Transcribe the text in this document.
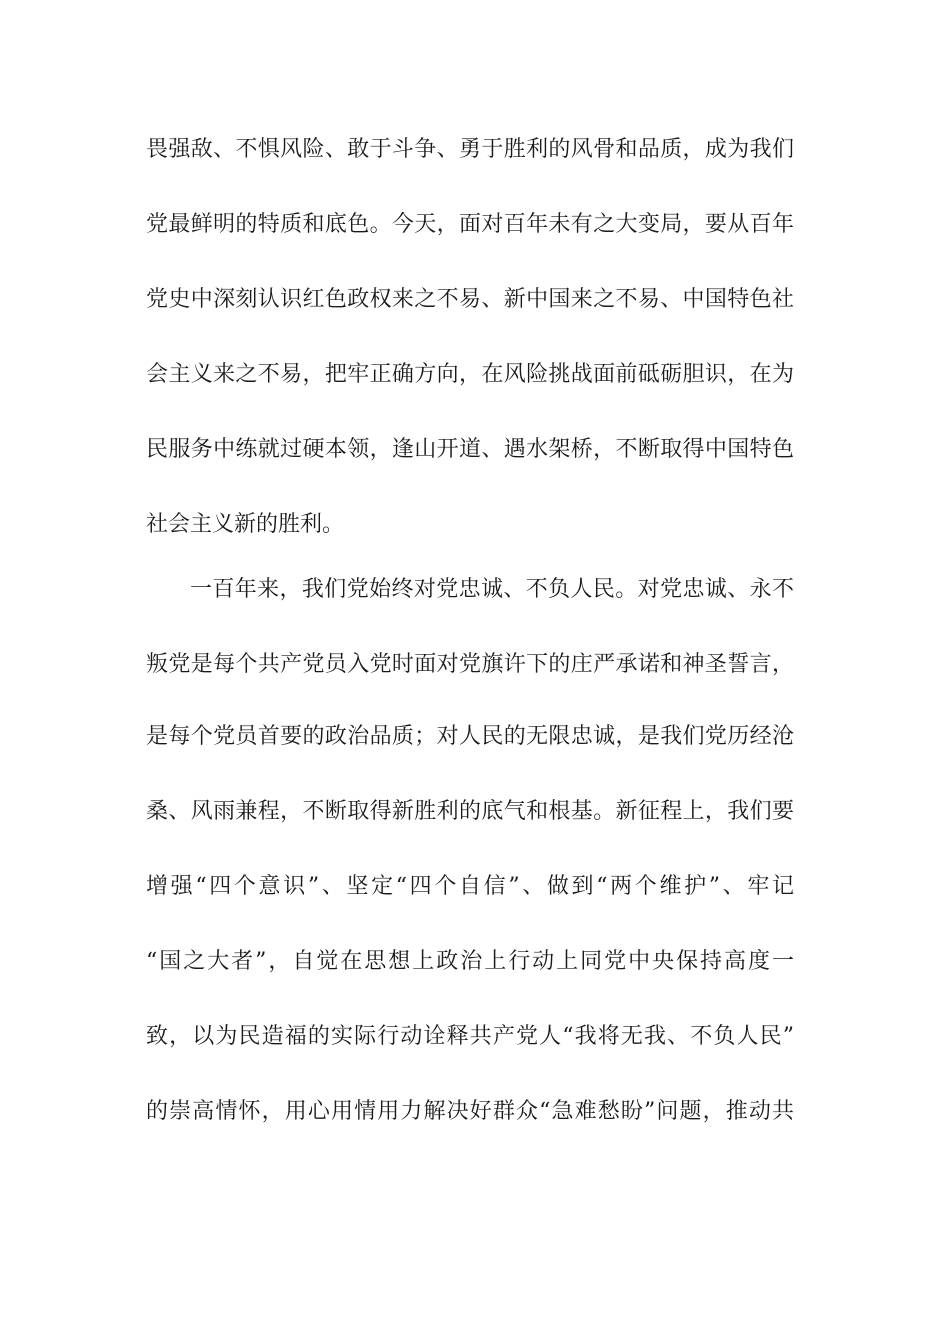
畏强敌、不惧风险、敢于斗争、勇于胜利的风骨和品质，成为我们
党最鲜明的特质和底色。今天，面对百年未有之大变局，要从百年
党史中深刻认识红色政权来之不易、新中国来之不易、中国特色社
会主义来之不易，把牢正确方向，在风险挑战面前砥砺胆识，在为
民服务中练就过硬本领，逢山开道、遇水架桥，不断取得中国特色
社会主义新的胜利。
一百年来，我们党始终对党忠诚、不负人民。对党忠诚、永不
叛党是每个共产党员入党时面对党旗许下的庄严承诺和神圣誓言，
是每个党员首要的政治品质；对人民的无限忠诚，是我们党历经沧
桑、风雨兼程，不断取得新胜利的底气和根基。新征程上，我们要
增强“四个意识”、坚定“四个自信”、做到“两个维护”、牢记
“国之大者”，自觉在思想上政治上行动上同党中央保持高度一
致，以为民造福的实际行动诠释共产党人“我将无我、不负人民”
的崇高情怀，用心用情用力解决好群众“急难愁盼”问题，推动共
